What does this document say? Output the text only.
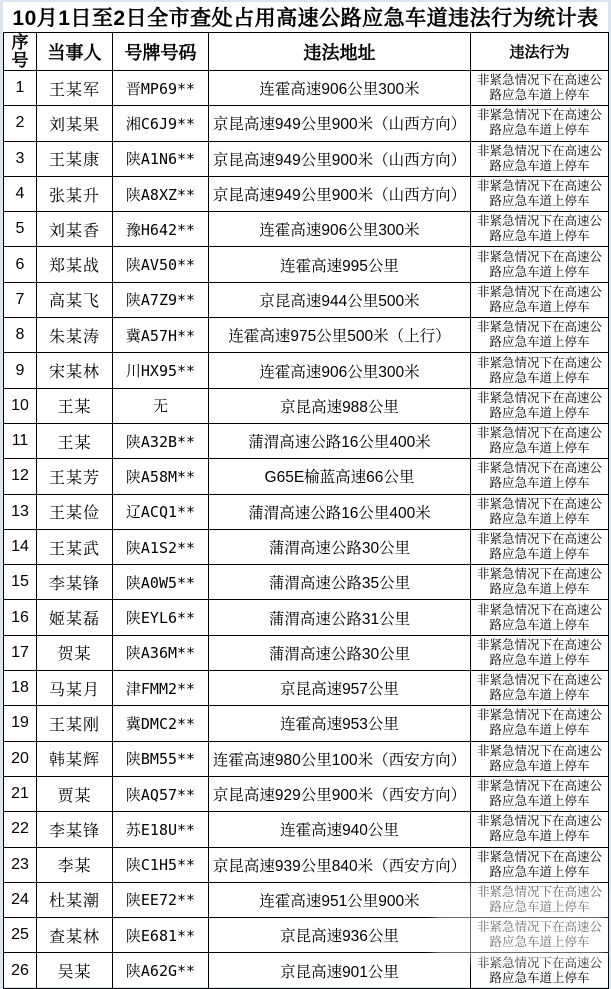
10月1日至2日全市查处占用高速公路应急车道违法行为统计表
序号	当事人	号牌号码	违法地址	违法行为
1	王某军	晋MP69**	连霍高速906公里300米	非紧急情况下在高速公路应急车道上停车
2	刘某果	湘C6J9**	京昆高速949公里900米（山西方向）	非紧急情况下在高速公路应急车道上停车
3	王某康	陕A1N6**	京昆高速949公里900米（山西方向）	非紧急情况下在高速公路应急车道上停车
4	张某升	陕A8XZ**	京昆高速949公里900米（山西方向）	非紧急情况下在高速公路应急车道上停车
5	刘某香	豫H642**	连霍高速906公里300米	非紧急情况下在高速公路应急车道上停车
6	郑某战	陕AV50**	连霍高速995公里	非紧急情况下在高速公路应急车道上停车
7	高某飞	陕A7Z9**	京昆高速944公里500米	非紧急情况下在高速公路应急车道上停车
8	朱某涛	冀A57H**	连霍高速975公里500米（上行）	非紧急情况下在高速公路应急车道上停车
9	宋某林	川HX95**	连霍高速906公里300米	非紧急情况下在高速公路应急车道上停车
10	王某	无	京昆高速988公里	非紧急情况下在高速公路应急车道上停车
11	王某	陕A32B**	蒲渭高速公路16公里400米	非紧急情况下在高速公路应急车道上停车
12	王某芳	陕A58M**	G65E榆蓝高速66公里	非紧急情况下在高速公路应急车道上停车
13	王某俭	辽ACQ1**	蒲渭高速公路16公里400米	非紧急情况下在高速公路应急车道上停车
14	王某武	陕A1S2**	蒲渭高速公路30公里	非紧急情况下在高速公路应急车道上停车
15	李某锋	陕A0W5**	蒲渭高速公路35公里	非紧急情况下在高速公路应急车道上停车
16	姬某磊	陕EYL6**	蒲渭高速公路31公里	非紧急情况下在高速公路应急车道上停车
17	贺某	陕A36M**	蒲渭高速公路30公里	非紧急情况下在高速公路应急车道上停车
18	马某月	津FMM2**	京昆高速957公里	非紧急情况下在高速公路应急车道上停车
19	王某刚	冀DMC2**	连霍高速953公里	非紧急情况下在高速公路应急车道上停车
20	韩某辉	陕BM55**	连霍高速980公里100米（西安方向）	非紧急情况下在高速公路应急车道上停车
21	贾某	陕AQ57**	京昆高速929公里900米（西安方向）	非紧急情况下在高速公路应急车道上停车
22	李某锋	苏E18U**	连霍高速940公里	非紧急情况下在高速公路应急车道上停车
23	李某	陕C1H5**	京昆高速939公里840米（西安方向）	非紧急情况下在高速公路应急车道上停车
24	杜某潮	陕EE72**	连霍高速951公里900米	非紧急情况下在高速公路应急车道上停车
25	查某林	陕E681**	京昆高速936公里	非紧急情况下在高速公路应急车道上停车
26	吴某	陕A62G**	京昆高速901公里	非紧急情况下在高速公路应急车道上停车
